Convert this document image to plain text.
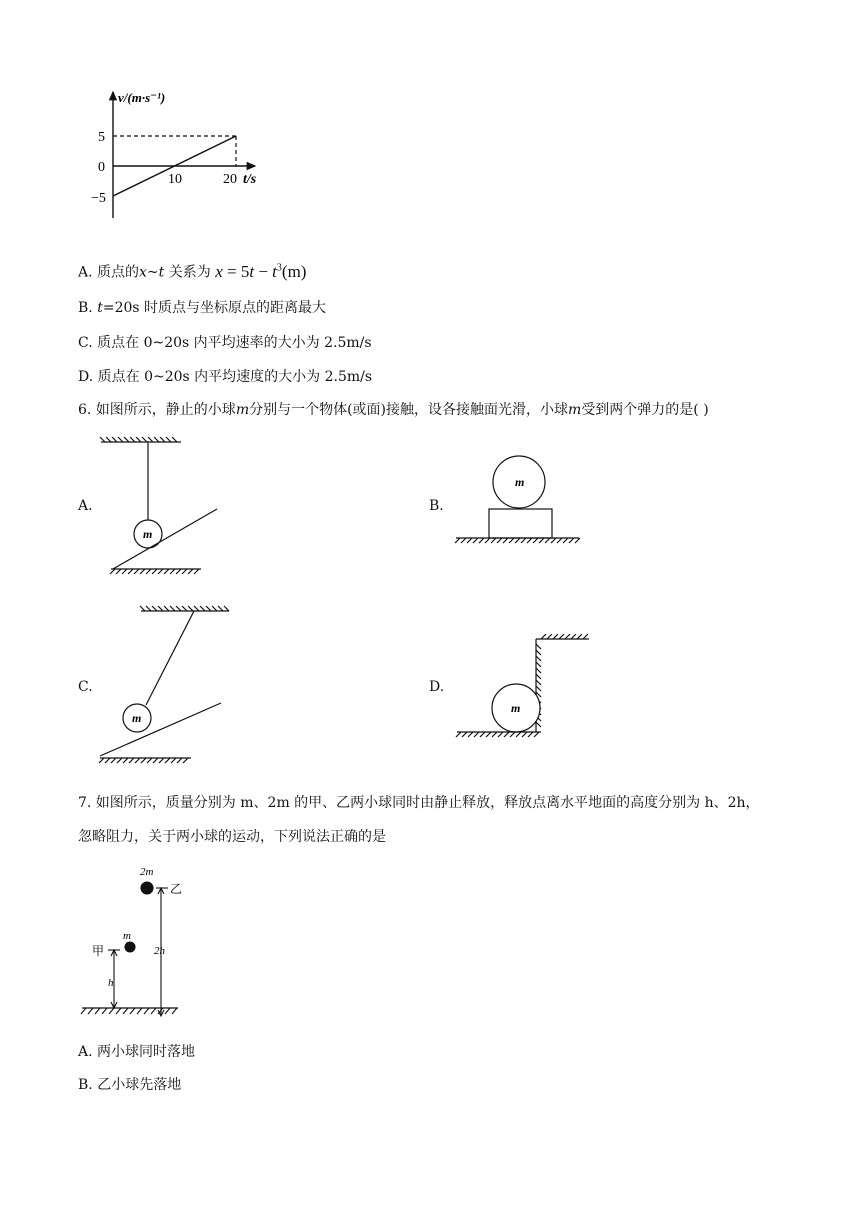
v/(m·s⁻¹)
5
0
−5
10	20 t/s
A. 质点的x~t 关系为 $x = 5t - t^3(m)$
B. t=20s 时质点与坐标原点的距离最大
C. 质点在 0~20s 内平均速率的大小为 2.5m/s
D. 质点在 0~20s 内平均速度的大小为 2.5m/s
6. 如图所示，静止的小球m分别与一个物体(或面)接触，设各接触面光滑，小球m受到两个弹力的是( )
A.	B.
C.	D.
m
m
m
m
7. 如图所示，质量分别为 m、2m 的甲、乙两小球同时由静止释放，释放点离水平地面的高度分别为 h、2h，
忽略阻力，关于两小球的运动，下列说法正确的是
2m
乙
2h
m
甲
h
A. 两小球同时落地
B. 乙小球先落地
